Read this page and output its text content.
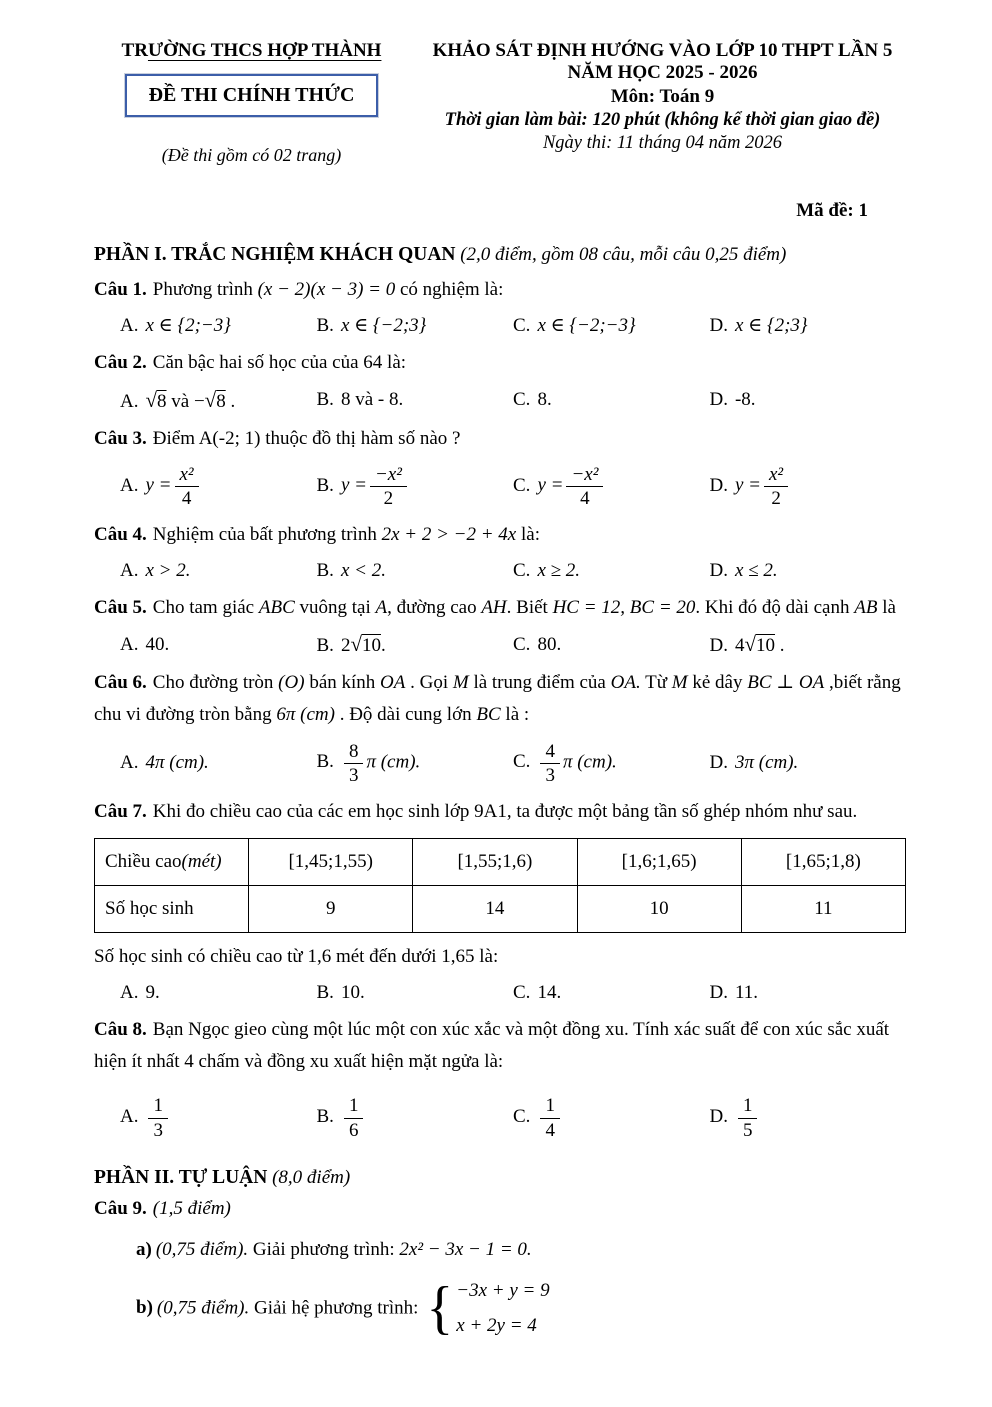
TRƯỜNG THCS HỢP THÀNH
ĐỀ THI CHÍNH THỨC
(Đề thi gồm có 02 trang)
KHẢO SÁT ĐỊNH HƯỚNG VÀO LỚP 10 THPT LẦN 5
NĂM HỌC 2025 - 2026
Môn: Toán 9
Thời gian làm bài: 120 phút (không kể thời gian giao đề)
Ngày thi: 11 tháng 04 năm 2026
Mã đề: 1

PHẦN I. TRẮC NGHIỆM KHÁCH QUAN (2,0 điểm, gồm 08 câu, mỗi câu 0,25 điểm)

Câu 1. Phương trình (x − 2)(x − 3) = 0 có nghiệm là:

A. x ∈ {2;−3}	B. x ∈ {−2;3}	C. x ∈ {−2;−3}	D. x ∈ {2;3}

Câu 2. Căn bậc hai số học của của 64 là:

A. √8 và −√8 .	B. 8 và - 8.	C. 8.	D. -8.

Câu 3. Điểm A(-2; 1) thuộc đồ thị hàm số nào ?

A. $y = \frac{\text{x²}}{4}$	B. $y = \frac{\text{−x²}}{2}$	C. $y = \frac{\text{−x²}}{4}$	D. $y = \frac{\text{x²}}{2}$

Câu 4. Nghiệm của bất phương trình 2x + 2 > −2 + 4x là:

A. x > 2.	B. x < 2.	C. x ≥ 2.	D. x ≤ 2.

Câu 5. Cho tam giác ABC vuông tại A, đường cao AH. Biết HC = 12, BC = 20. Khi đó độ dài cạnh AB là

A. 40.	B. 2√10.	C. 80.	D. 4√10 .

Câu 6. Cho đường tròn (O) bán kính OA . Gọi M là trung điểm của OA. Từ M kẻ dây BC ⊥ OA ,biết rằng chu vi đường tròn bằng 6π (cm) . Độ dài cung lớn BC là :

A. 4π (cm).	B. $\frac{8}{3}$ π (cm).	C. $\frac{4}{3}$ π (cm).	D. 3π (cm).

Câu 7. Khi đo chiều cao của các em học sinh lớp 9A1, ta được một bảng tần số ghép nhóm như sau.

Chiều cao(mét)	[1,45;1,55)	[1,55;1,6)	[1,6;1,65)	[1,65;1,8)
Số học sinh	9	14	10	11

Số học sinh có chiều cao từ 1,6 mét đến dưới 1,65 là:

A. 9.	B. 10.	C. 14.	D. 11.

Câu 8. Bạn Ngọc gieo cùng một lúc một con xúc xắc và một đồng xu. Tính xác suất để con xúc sắc xuất hiện ít nhất 4 chấm và đồng xu xuất hiện mặt ngửa là:

A. $\frac{1}{3}$	B. $\frac{1}{6}$	C. $\frac{1}{4}$	D. $\frac{1}{5}$

PHẦN II. TỰ LUẬN (8,0 điểm)

Câu 9. (1,5 điểm)

a) (0,75 điểm). Giải phương trình: 2x² − 3x − 1 = 0.
b) (0,75 điểm). Giải hệ phương trình: { −3x + y = 9
x + 2y = 4
